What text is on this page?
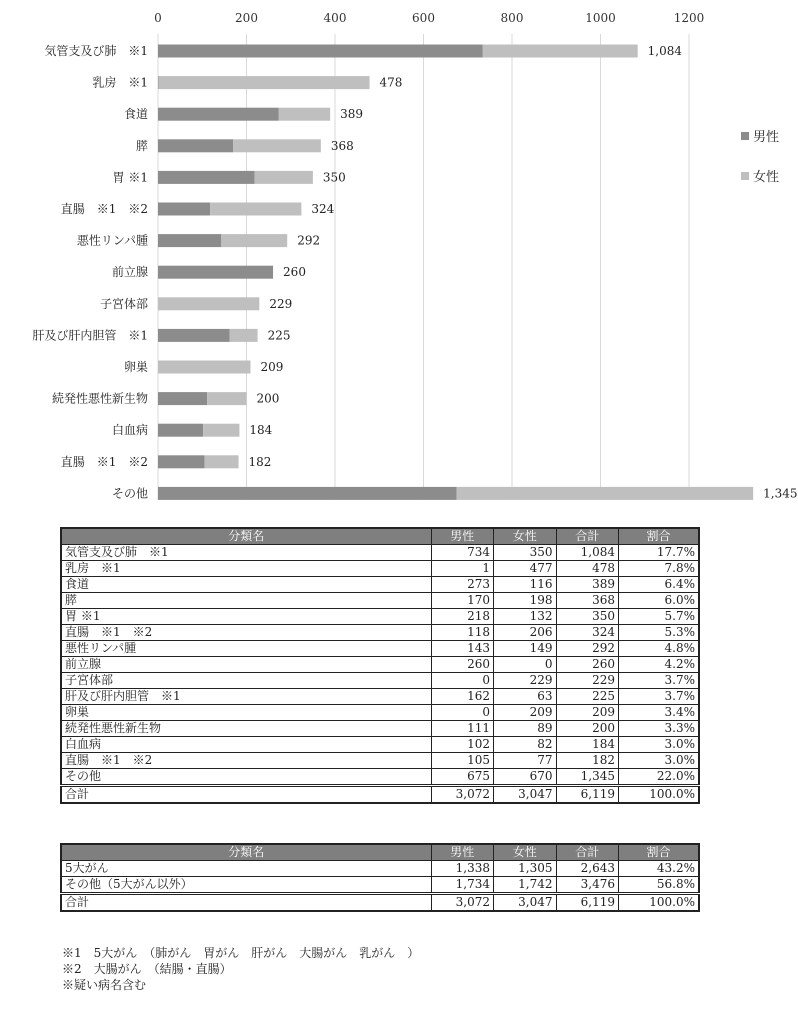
0	200	400	600	800	1000	1200
気管支及び肺　※1	1,084
乳房　※1	478
食道	389
膵	368
胃 ※1	350
直腸　※1　※2	324
悪性リンパ腫	292
前立腺	260
子宮体部	229
肝及び肝内胆管　※1	225
卵巣	209
続発性悪性新生物	200
白血病	184
直腸　※1　※2	182
その他	1,345
男性
女性
分類名	男性	女性	合計	割合
気管支及び肺　※1	734	350	1,084	17.7%
乳房　※1	1	477	478	7.8%
食道	273	116	389	6.4%
膵	170	198	368	6.0%
胃 ※1	218	132	350	5.7%
直腸　※1　※2	118	206	324	5.3%
悪性リンパ腫	143	149	292	4.8%
前立腺	260	0	260	4.2%
子宮体部	0	229	229	3.7%
肝及び肝内胆管　※1	162	63	225	3.7%
卵巣	0	209	209	3.4%
続発性悪性新生物	111	89	200	3.3%
白血病	102	82	184	3.0%
直腸　※1　※2	105	77	182	3.0%
その他	675	670	1,345	22.0%
合計	3,072	3,047	6,119	100.0%
分類名	男性	女性	合計	割合
5大がん	1,338	1,305	2,643	43.2%
その他（5大がん以外）	1,734	1,742	3,476	56.8%
合計	3,072	3,047	6,119	100.0%
※1　5大がん　（肺がん　胃がん　肝がん　大腸がん　乳がん　）
※2　大腸がん　（結腸・直腸）
※疑い病名含む
